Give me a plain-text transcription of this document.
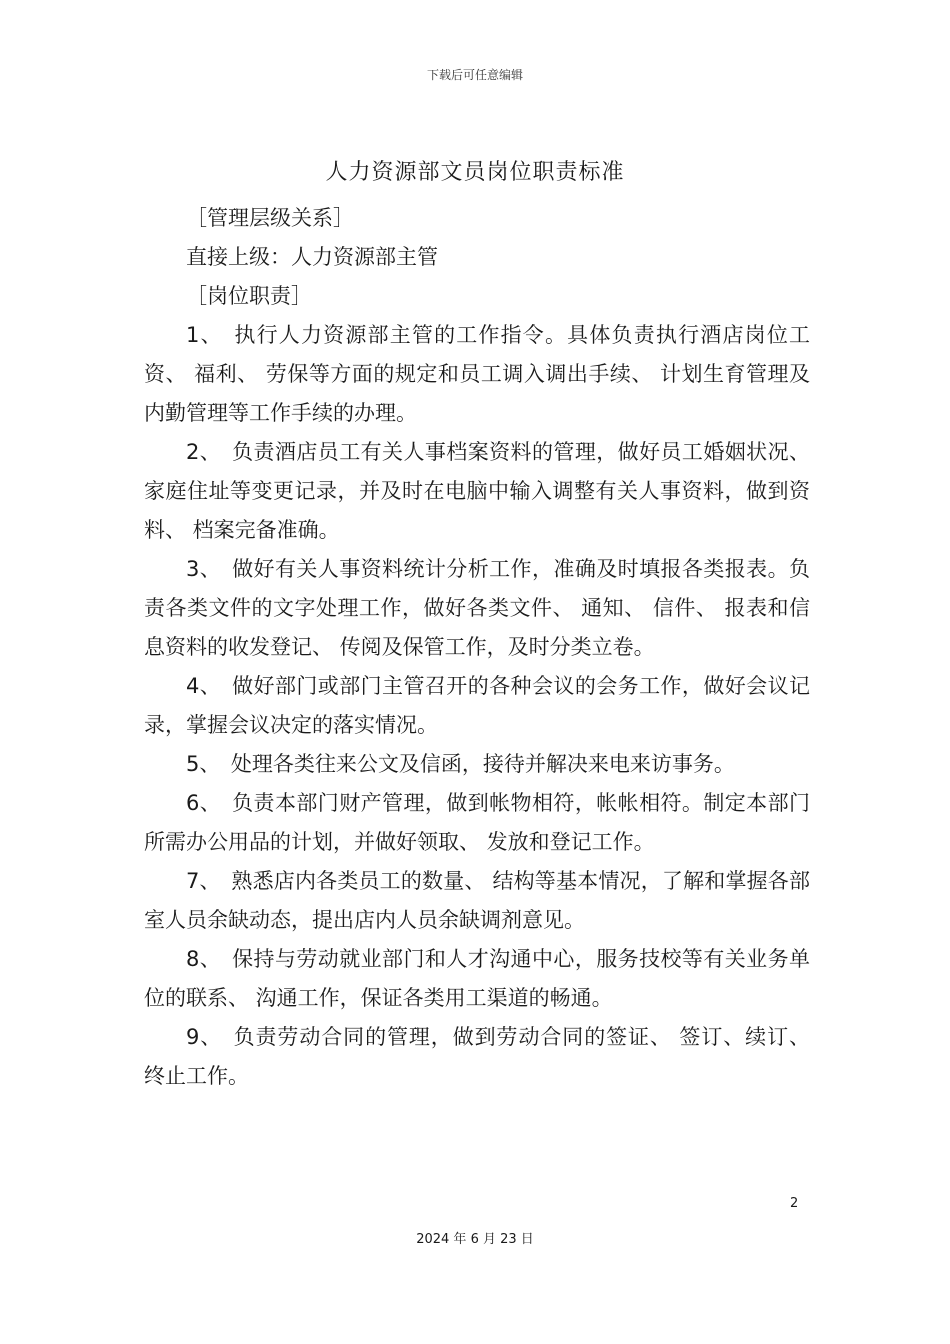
下载后可任意编辑
人力资源部文员岗位职责标准

［管理层级关系］

直接上级：人力资源部主管

［岗位职责］

1、　执行人力资源部主管的工作指令。具体负责执行酒店岗位工资、 福利、 劳保等方面的规定和员工调入调出手续、 计划生育管理及内勤管理等工作手续的办理。

2、　负责酒店员工有关人事档案资料的管理，做好员工婚姻状况、 家庭住址等变更记录，并及时在电脑中输入调整有关人事资料，做到资料、 档案完备准确。

3、　做好有关人事资料统计分析工作，准确及时填报各类报表。负责各类文件的文字处理工作，做好各类文件、 通知、 信件、 报表和信息资料的收发登记、 传阅及保管工作，及时分类立卷。

4、　做好部门或部门主管召开的各种会议的会务工作，做好会议记录，掌握会议决定的落实情况。

5、　处理各类往来公文及信函，接待并解决来电来访事务。

6、　负责本部门财产管理，做到帐物相符，帐帐相符。制定本部门所需办公用品的计划，并做好领取、 发放和登记工作。

7、　熟悉店内各类员工的数量、 结构等基本情况，了解和掌握各部室人员余缺动态，提出店内人员余缺调剂意见。

8、　保持与劳动就业部门和人才沟通中心，服务技校等有关业务单位的联系、 沟通工作，保证各类用工渠道的畅通。

9、　负责劳动合同的管理，做到劳动合同的签证、 签订、续订、 终止工作。

2
2024 年 6 月 23 日
